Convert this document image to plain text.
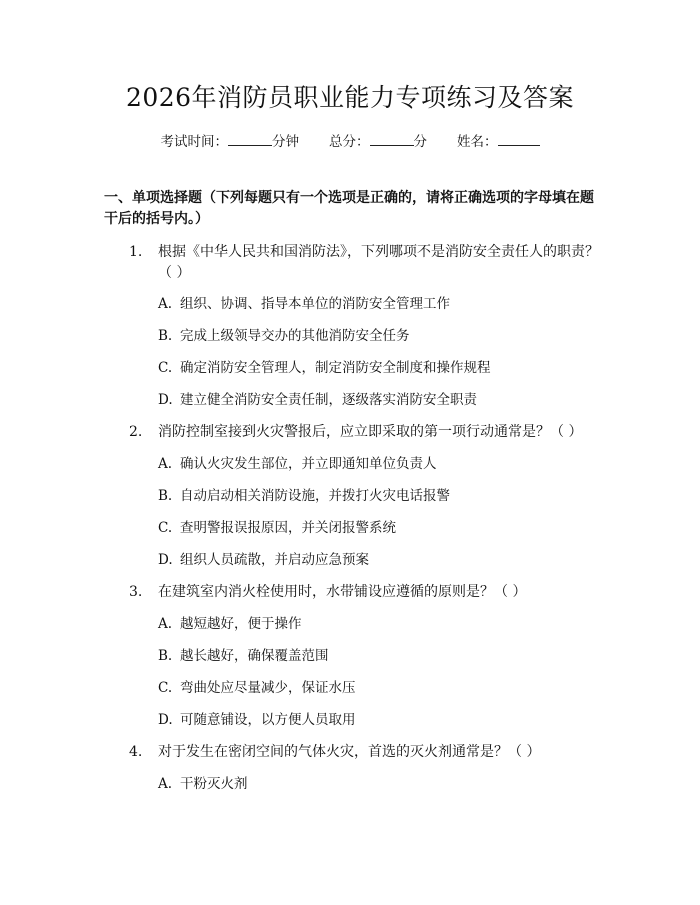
2026年消防员职业能力专项练习及答案
考试时间：	分钟 总分：	分 姓名：
一、单项选择题（下列每题只有一个选项是正确的，请将正确选项的字母填在题干后的括号内。）
1.	根据《中华人民共和国消防法》，下列哪项不是消防安全责任人的职责？（ ）
A. 组织、协调、指导本单位的消防安全管理工作
B. 完成上级领导交办的其他消防安全任务
C. 确定消防安全管理人，制定消防安全制度和操作规程
D. 建立健全消防安全责任制，逐级落实消防安全职责
2.	消防控制室接到火灾警报后，应立即采取的第一项行动通常是？（ ）
A. 确认火灾发生部位，并立即通知单位负责人
B. 自动启动相关消防设施，并拨打火灾电话报警
C. 查明警报误报原因，并关闭报警系统
D. 组织人员疏散，并启动应急预案
3.	在建筑室内消火栓使用时，水带铺设应遵循的原则是？（ ）
A. 越短越好，便于操作
B. 越长越好，确保覆盖范围
C. 弯曲处应尽量减少，保证水压
D. 可随意铺设，以方便人员取用
4.	对于发生在密闭空间的气体火灾，首选的灭火剂通常是？（ ）
A. 干粉灭火剂
